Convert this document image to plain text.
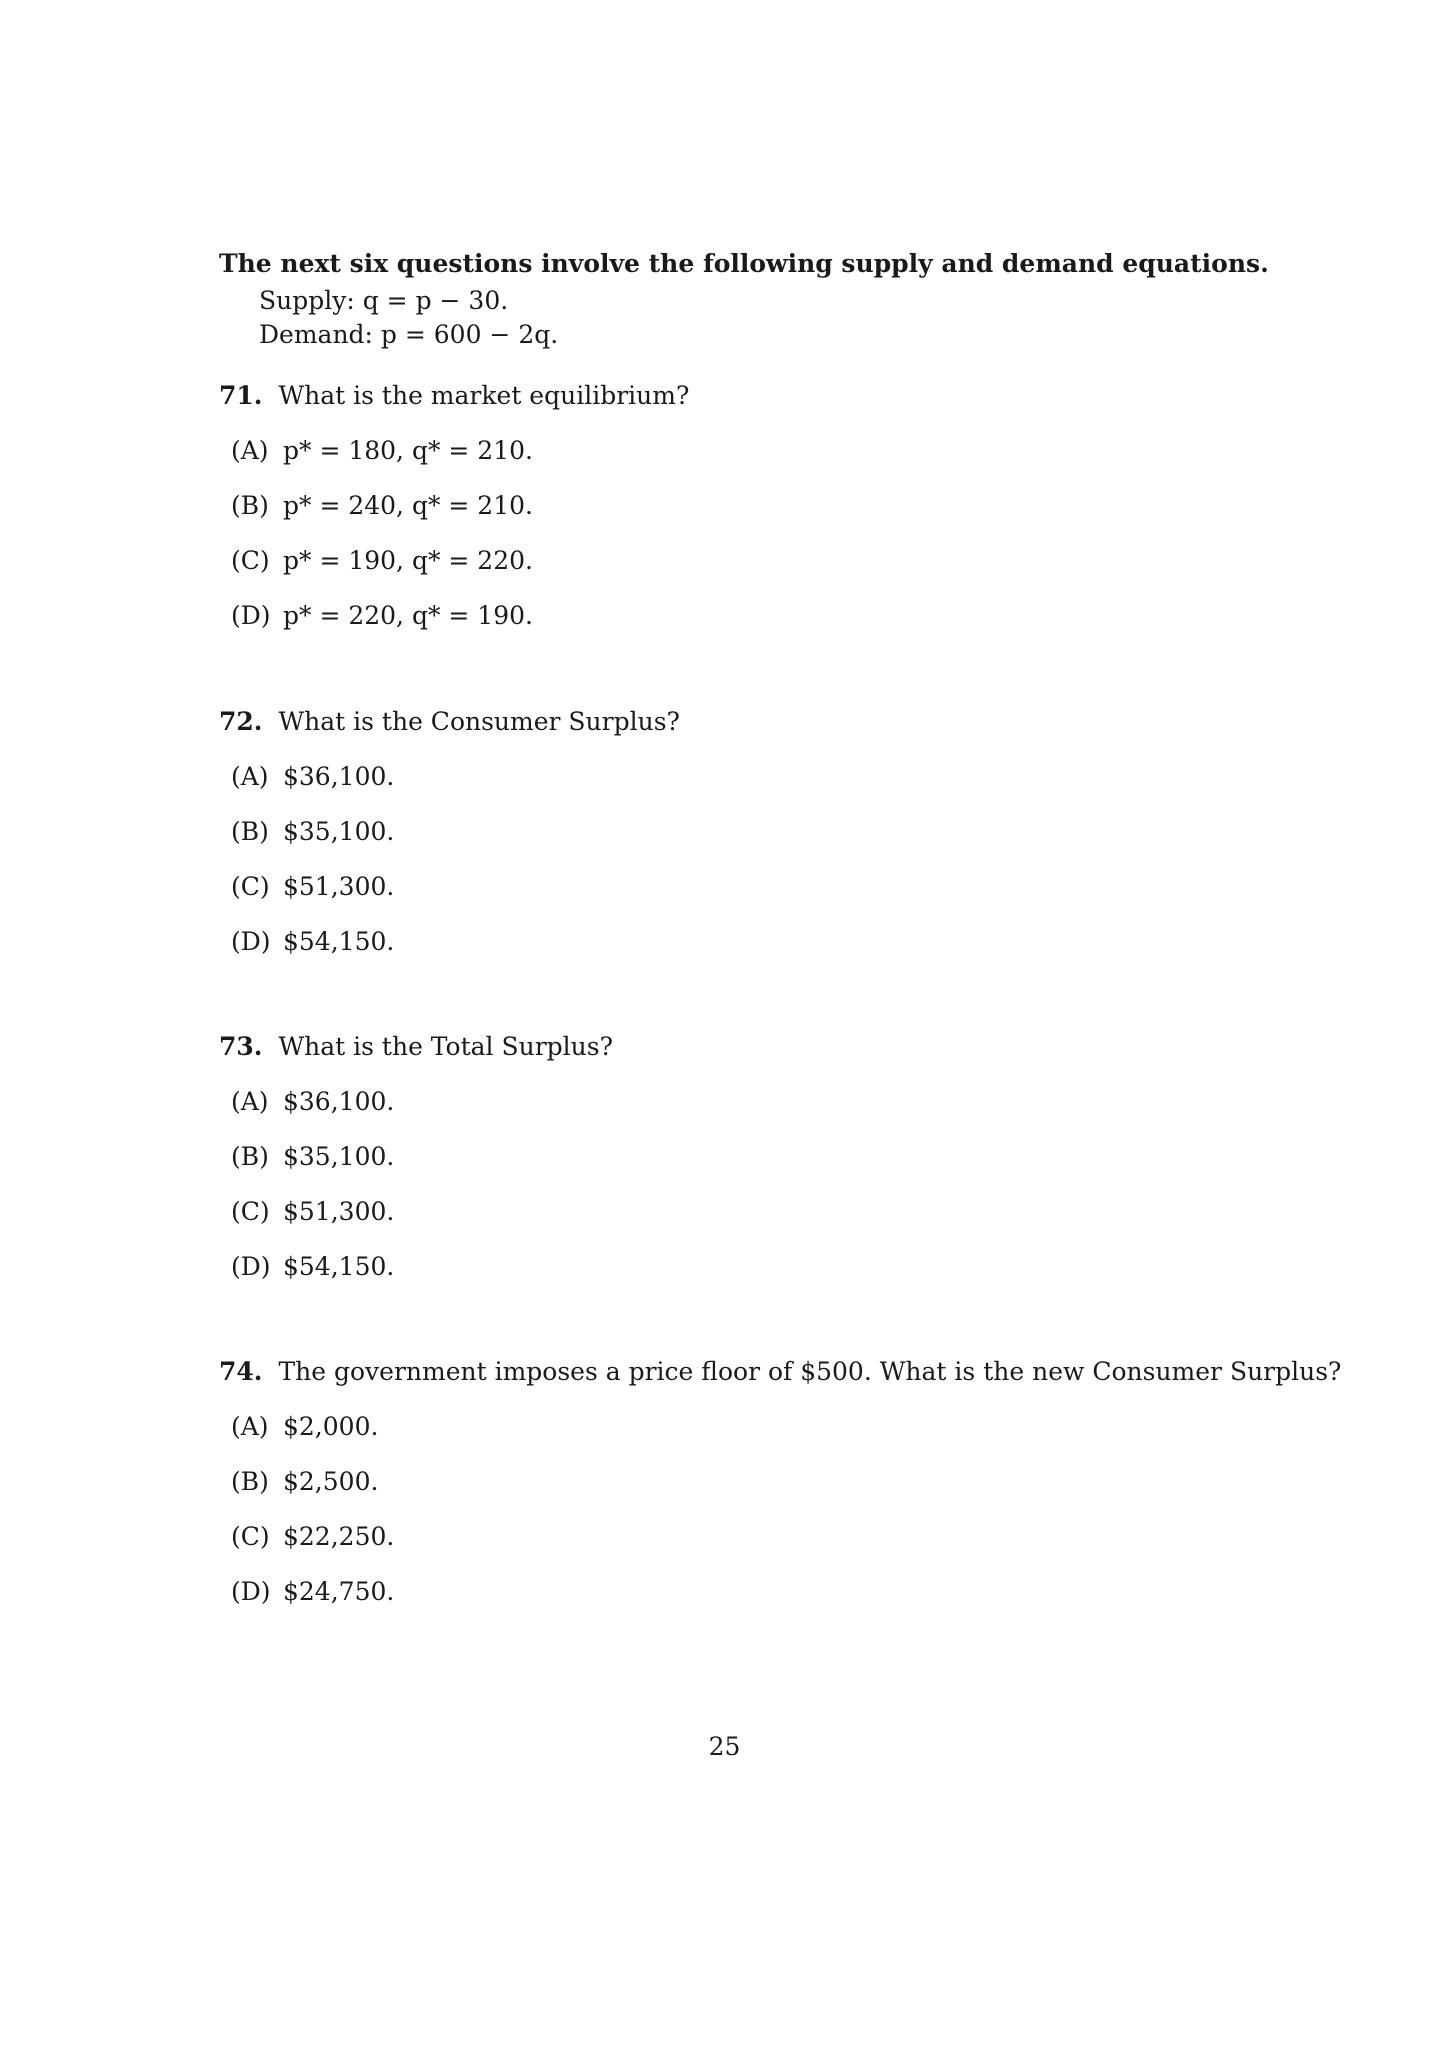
The next six questions involve the following supply and demand equations.
Supply: q = p − 30.
Demand: p = 600 − 2q.
71. What is the market equilibrium?
(A) p* = 180, q* = 210.
(B) p* = 240, q* = 210.
(C) p* = 190, q* = 220.
(D) p* = 220, q* = 190.
72. What is the Consumer Surplus?
(A) $36,100.
(B) $35,100.
(C) $51,300.
(D) $54,150.
73. What is the Total Surplus?
(A) $36,100.
(B) $35,100.
(C) $51,300.
(D) $54,150.
74. The government imposes a price floor of $500. What is the new Consumer Surplus?
(A) $2,000.
(B) $2,500.
(C) $22,250.
(D) $24,750.
25
